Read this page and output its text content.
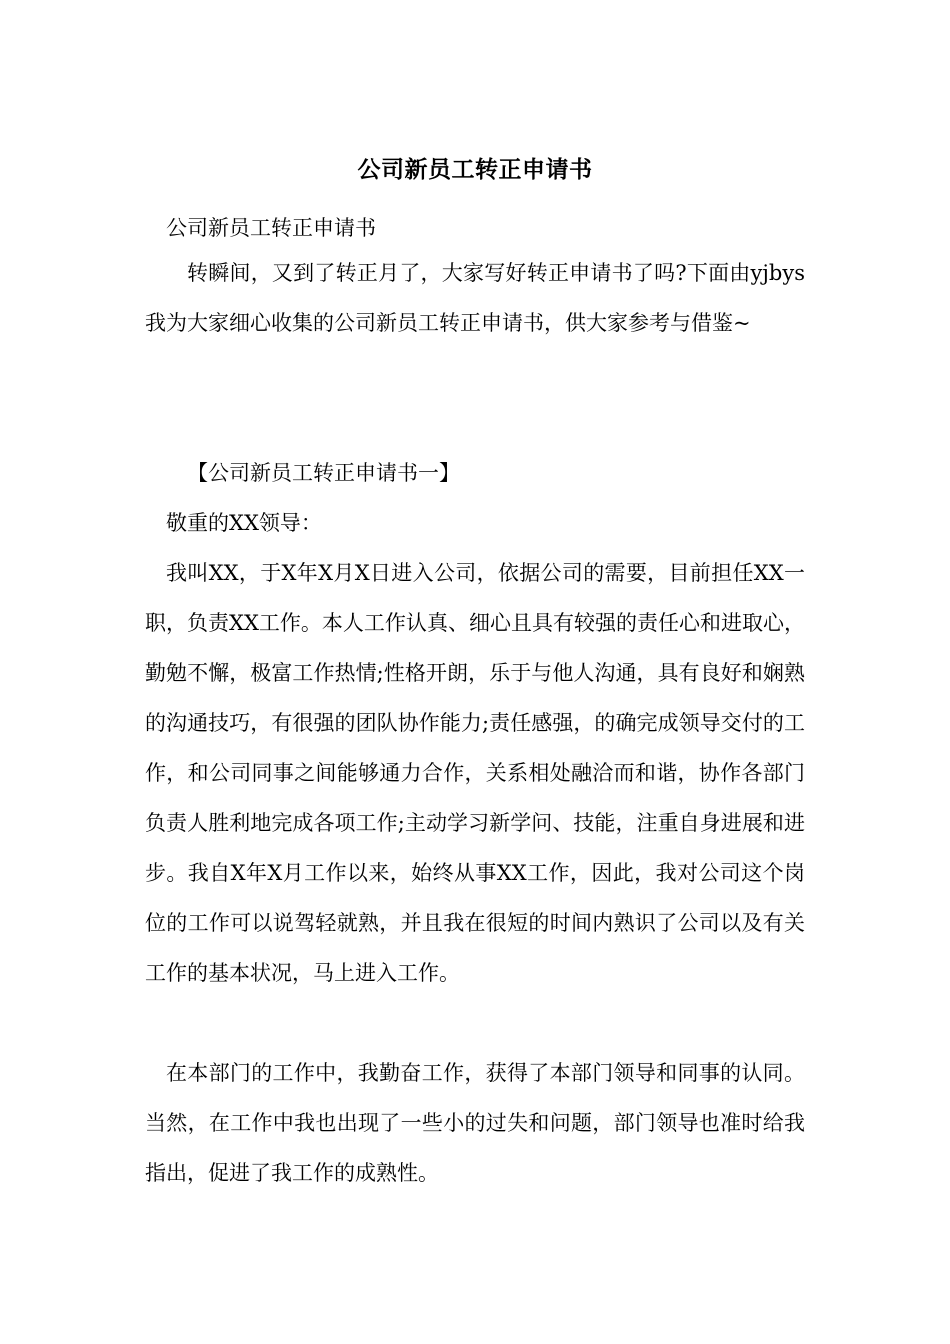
公司新员工转正申请书

公司新员工转正申请书

转瞬间，又到了转正月了，大家写好转正申请书了吗?下面由yjbys我为大家细心收集的公司新员工转正申请书，供大家参考与借鉴~

【公司新员工转正申请书一】

敬重的XX领导：

我叫XX，于X年X月X日进入公司，依据公司的需要，目前担任XX一职，负责XX工作。本人工作认真、细心且具有较强的责任心和进取心，勤勉不懈，极富工作热情;性格开朗，乐于与他人沟通，具有良好和娴熟的沟通技巧，有很强的团队协作能力;责任感强，的确完成领导交付的工作，和公司同事之间能够通力合作，关系相处融洽而和谐，协作各部门负责人胜利地完成各项工作;主动学习新学问、技能，注重自身进展和进步。我自X年X月工作以来，始终从事XX工作，因此，我对公司这个岗位的工作可以说驾轻就熟，并且我在很短的时间内熟识了公司以及有关工作的基本状况，马上进入工作。

在本部门的工作中，我勤奋工作，获得了本部门领导和同事的认同。当然，在工作中我也出现了一些小的过失和问题，部门领导也准时给我指出，促进了我工作的成熟性。
